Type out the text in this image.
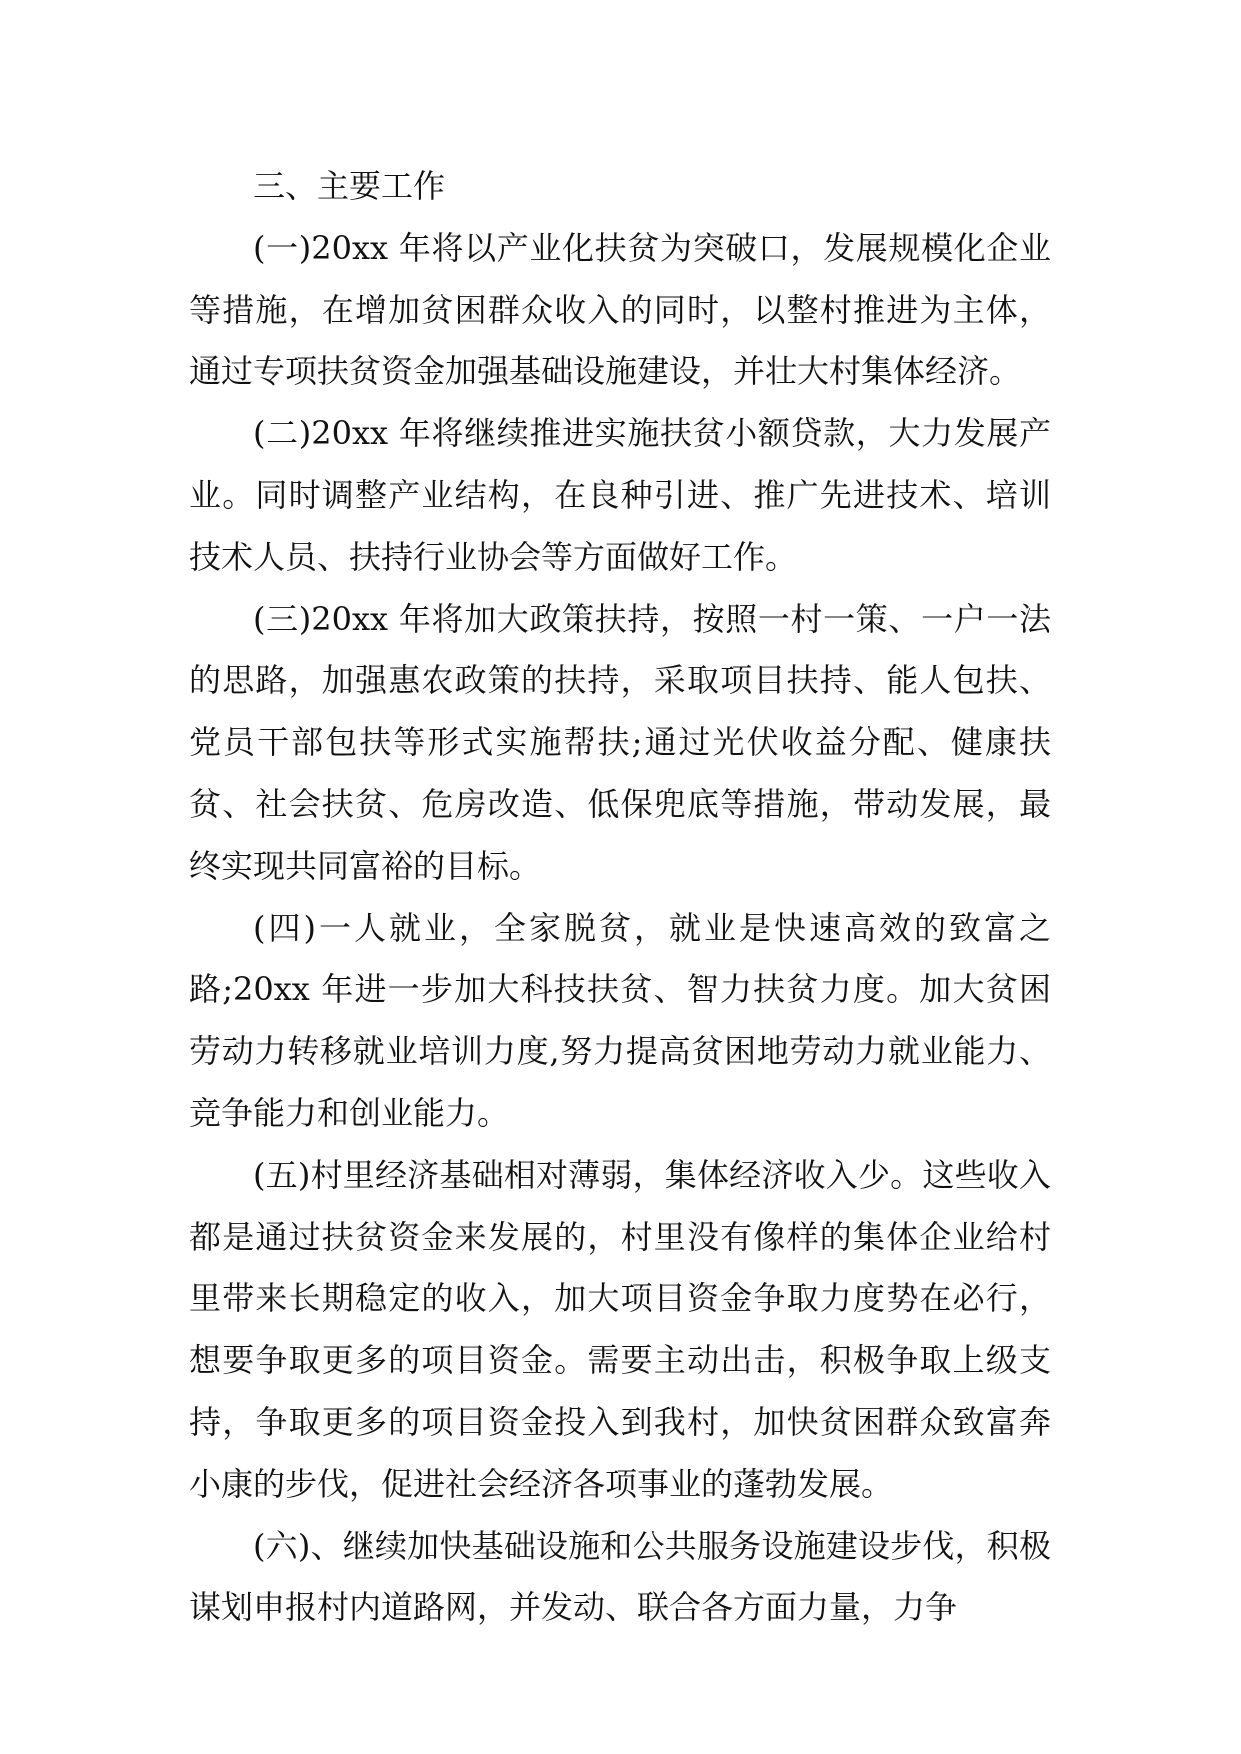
三、主要工作

(一)20xx 年将以产业化扶贫为突破口，发展规模化企业等措施，在增加贫困群众收入的同时，以整村推进为主体，通过专项扶贫资金加强基础设施建设，并壮大村集体经济。

(二)20xx 年将继续推进实施扶贫小额贷款，大力发展产业。同时调整产业结构，在良种引进、推广先进技术、培训技术人员、扶持行业协会等方面做好工作。

(三)20xx 年将加大政策扶持，按照一村一策、一户一法的思路，加强惠农政策的扶持，采取项目扶持、能人包扶、党员干部包扶等形式实施帮扶;通过光伏收益分配、健康扶贫、社会扶贫、危房改造、低保兜底等措施，带动发展，最终实现共同富裕的目标。

(四)一人就业，全家脱贫，就业是快速高效的致富之路;20xx 年进一步加大科技扶贫、智力扶贫力度。加大贫困劳动力转移就业培训力度,努力提高贫困地劳动力就业能力、竞争能力和创业能力。

(五)村里经济基础相对薄弱，集体经济收入少。这些收入都是通过扶贫资金来发展的，村里没有像样的集体企业给村里带来长期稳定的收入，加大项目资金争取力度势在必行，想要争取更多的项目资金。需要主动出击，积极争取上级支持，争取更多的项目资金投入到我村，加快贫困群众致富奔小康的步伐，促进社会经济各项事业的蓬勃发展。

(六)、继续加快基础设施和公共服务设施建设步伐，积极谋划申报村内道路网，并发动、联合各方面力量，力争
